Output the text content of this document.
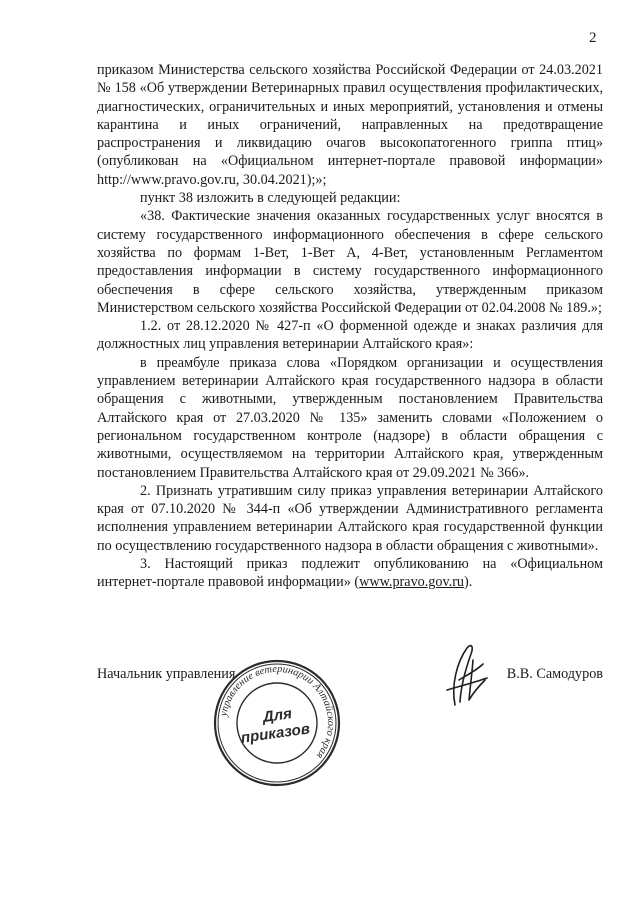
2

приказом Министерства сельского хозяйства Российской Федерации от 24.03.2021 № 158 «Об утверждении Ветеринарных правил осуществления профилактических, диагностических, ограничительных и иных мероприятий, установления и отмены карантина и иных ограничений, направленных на предотвращение распространения и ликвидацию очагов высокопатогенного гриппа птиц» (опубликован на «Официальном интернет-портале правовой информации» http://www.pravo.gov.ru, 30.04.2021);»;

пункт 38 изложить в следующей редакции:

«38. Фактические значения оказанных государственных услуг вносятся в систему государственного информационного обеспечения в сфере сельского хозяйства по формам 1-Вет, 1-Вет А, 4-Вет, установленным Регламентом предоставления информации в систему государственного информационного обеспечения в сфере сельского хозяйства, утвержденным приказом Министерством сельского хозяйства Российской Федерации от 02.04.2008 № 189.»;

1.2. от 28.12.2020 № 427-п «О форменной одежде и знаках различия для должностных лиц управления ветеринарии Алтайского края»:

в преамбуле приказа слова «Порядком организации и осуществления управлением ветеринарии Алтайского края государственного надзора в области обращения с животными, утвержденным постановлением Правительства Алтайского края от 27.03.2020 № 135» заменить словами «Положением о региональном государственном контроле (надзоре) в области обращения с животными, осуществляемом на территории Алтайского края, утвержденным постановлением Правительства Алтайского края от 29.09.2021 № 366».

2. Признать утратившим силу приказ управления ветеринарии Алтайского края от 07.10.2020 № 344-п «Об утверждении Административного регламента исполнения управлением ветеринарии Алтайского края государственной функции по осуществлению государственного надзора в области обращения с животными».

3. Настоящий приказ подлежит опубликованию на «Официальном интернет-портале правовой информации» (www.pravo.gov.ru).

Начальник управления	В.В. Самодуров
управление ветеринарии Алтайского края
Для
приказов
